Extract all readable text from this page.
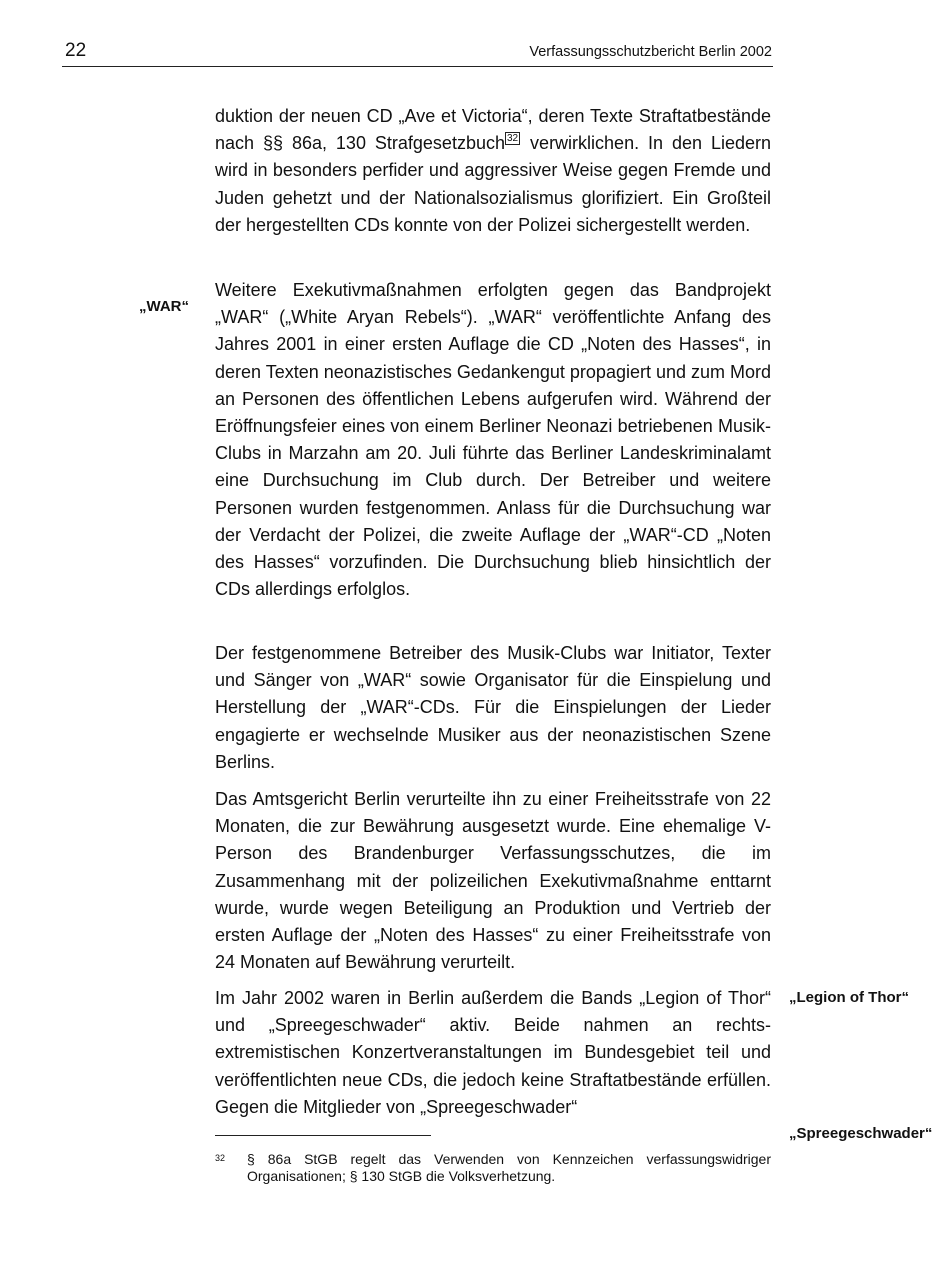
22	Verfassungsschutzbericht Berlin 2002

duktion der neuen CD „Ave et Victoria“, deren Texte Straftatbestände nach §§ 86a, 130 Strafgesetzbuch 32 verwirklichen. In den Liedern wird in besonders perfider und aggressiver Weise gegen Fremde und Juden gehetzt und der Nationalsozialismus glorifiziert. Ein Großteil der hergestellten CDs konnte von der Polizei sichergestellt werden.

„WAR“

Weitere Exekutivmaßnahmen erfolgten gegen das Bandprojekt „WAR“ („White Aryan Rebels“). „WAR“ veröffentlichte Anfang des Jahres 2001 in einer ersten Auflage die CD „Noten des Hasses“, in deren Texten neonazistisches Gedankengut propagiert und zum Mord an Personen des öffentlichen Lebens aufgerufen wird. Während der Eröffnungsfeier eines von einem Berliner Neonazi betriebenen Musik-Clubs in Marzahn am 20. Juli führte das Berliner Landeskriminalamt eine Durchsuchung im Club durch. Der Betreiber und weitere Personen wurden festgenommen. Anlass für die Durchsuchung war der Verdacht der Polizei, die zweite Auflage der „WAR“-CD „Noten des Hasses“ vorzufinden. Die Durchsuchung blieb hinsichtlich der CDs allerdings erfolglos.

Der festgenommene Betreiber des Musik-Clubs war Initiator, Texter und Sänger von „WAR“ sowie Organisator für die Einspielung und Herstellung der „WAR“-CDs. Für die Einspielungen der Lieder engagierte er wechselnde Musiker aus der neonazistischen Szene Berlins.

Das Amtsgericht Berlin verurteilte ihn zu einer Freiheitsstrafe von 22 Monaten, die zur Bewährung ausgesetzt wurde. Eine ehemalige V-Person des Brandenburger Verfassungsschutzes, die im Zusammenhang mit der polizeilichen Exekutivmaßnahme enttarnt wurde, wurde wegen Beteiligung an Produktion und Vertrieb der ersten Auflage der „Noten des Hasses“ zu einer Freiheitsstrafe von 24 Monaten auf Bewährung verurteilt.

„Legion of Thor“

Im Jahr 2002 waren in Berlin außerdem die Bands „Legion of Thor“ und „Spreegeschwader“ aktiv. Beide nahmen an rechtsextremistischen Konzertveranstaltungen im Bundesgebiet teil und veröffentlichten neue CDs, die jedoch keine Straftatbestände erfüllen. Gegen die Mitglieder von „Spreegeschwader“

„Spreegeschwader“
32 § 86a StGB regelt das Verwenden von Kennzeichen verfassungswidriger Organisationen; § 130 StGB die Volksverhetzung.
